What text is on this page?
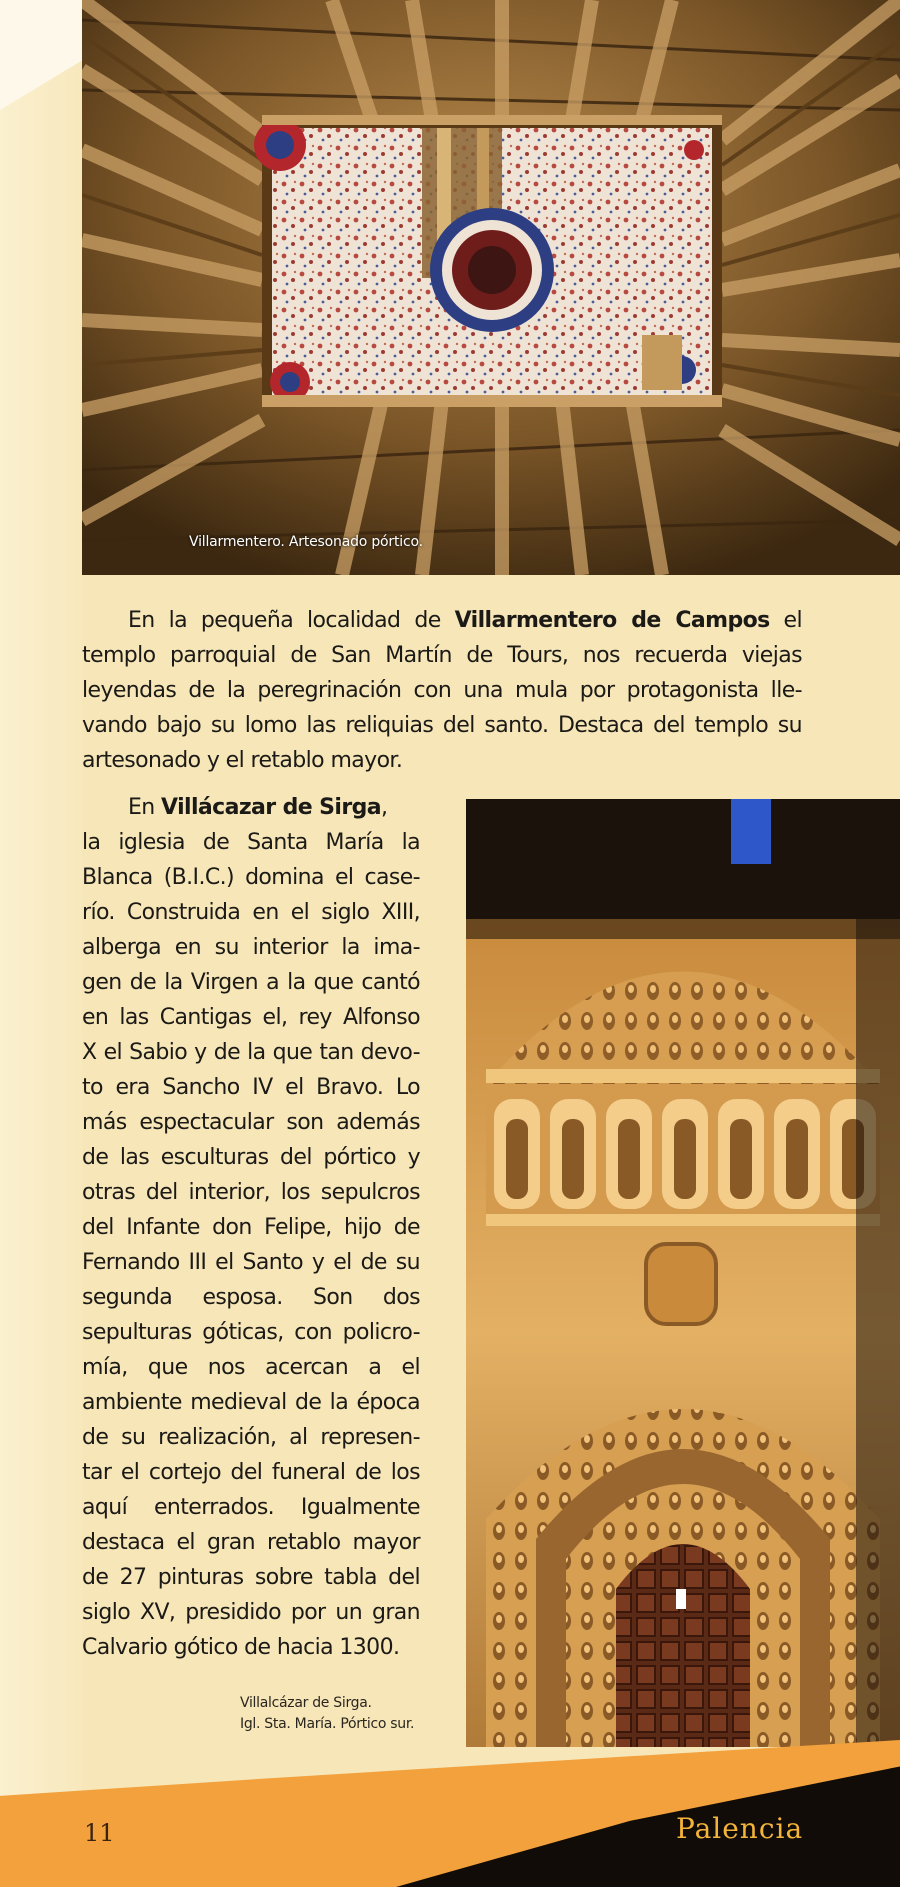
Villarmentero. Artesonado pórtico.
En la pequeña localidad de Villarmentero de Campos el
templo parroquial de San Martín de Tours, nos recuerda viejas
leyendas de la peregrinación con una mula por protagonista lle-
vando bajo su lomo las reliquias del santo. Destaca del templo su
artesonado y el retablo mayor.
En Villácazar de Sirga,
la iglesia de Santa María la
Blanca (B.I.C.) domina el case-
río. Construida en el siglo XIII,
alberga en su interior la ima-
gen de la Virgen a la que cantó
en las Cantigas el, rey Alfonso
X el Sabio y de la que tan devo-
to era Sancho IV el Bravo. Lo
más espectacular son además
de las esculturas del pórtico y
otras del interior, los sepulcros
del Infante don Felipe, hijo de
Fernando III el Santo y el de su
segunda esposa. Son dos
sepulturas góticas, con policro-
mía, que nos acercan a el
ambiente medieval de la época
de su realización, al represen-
tar el cortejo del funeral de los
aquí enterrados. Igualmente
destaca el gran retablo mayor
de 27 pinturas sobre tabla del
siglo XV, presidido por un gran
Calvario gótico de hacia 1300.
Villalcázar de Sirga.
Igl. Sta. María. Pórtico sur.
11	Palencia
